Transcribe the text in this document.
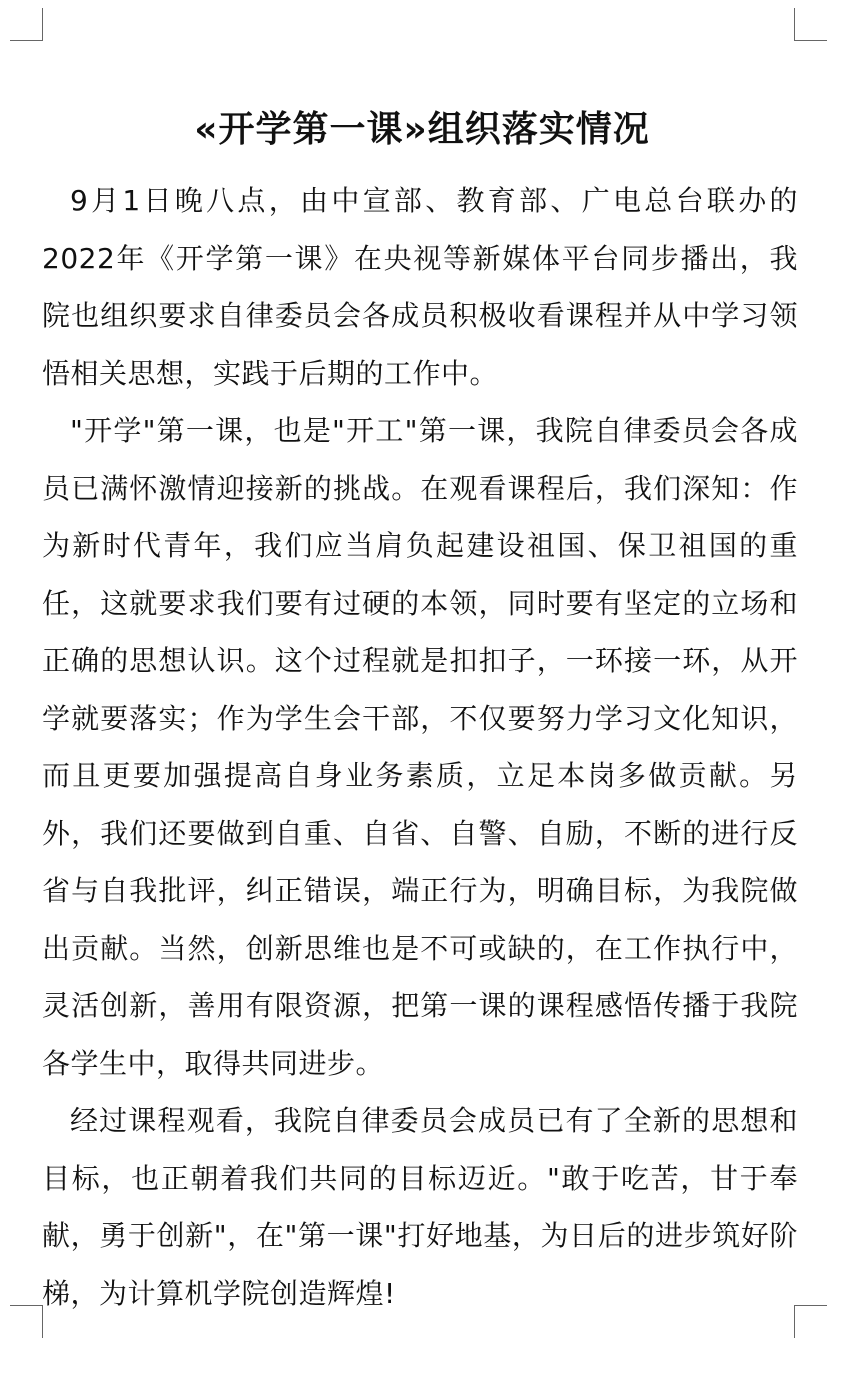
«开学第一课»组织落实情况

9月1日晚八点，由中宣部、教育部、广电总台联办的2022年《开学第一课》在央视等新媒体平台同步播出，我院也组织要求自律委员会各成员积极收看课程并从中学习领悟相关思想，实践于后期的工作中。

"开学"第一课，也是"开工"第一课，我院自律委员会各成员已满怀激情迎接新的挑战。在观看课程后，我们深知：作为新时代青年，我们应当肩负起建设祖国、保卫祖国的重任，这就要求我们要有过硬的本领，同时要有坚定的立场和正确的思想认识。这个过程就是扣扣子，一环接一环，从开学就要落实；作为学生会干部，不仅要努力学习文化知识，而且更要加强提高自身业务素质，立足本岗多做贡献。另外，我们还要做到自重、自省、自警、自励，不断的进行反省与自我批评，纠正错误，端正行为，明确目标，为我院做出贡献。当然，创新思维也是不可或缺的，在工作执行中，灵活创新，善用有限资源，把第一课的课程感悟传播于我院各学生中，取得共同进步。

经过课程观看，我院自律委员会成员已有了全新的思想和目标，也正朝着我们共同的目标迈近。"敢于吃苦，甘于奉献，勇于创新"，在"第一课"打好地基，为日后的进步筑好阶梯，为计算机学院创造辉煌!
